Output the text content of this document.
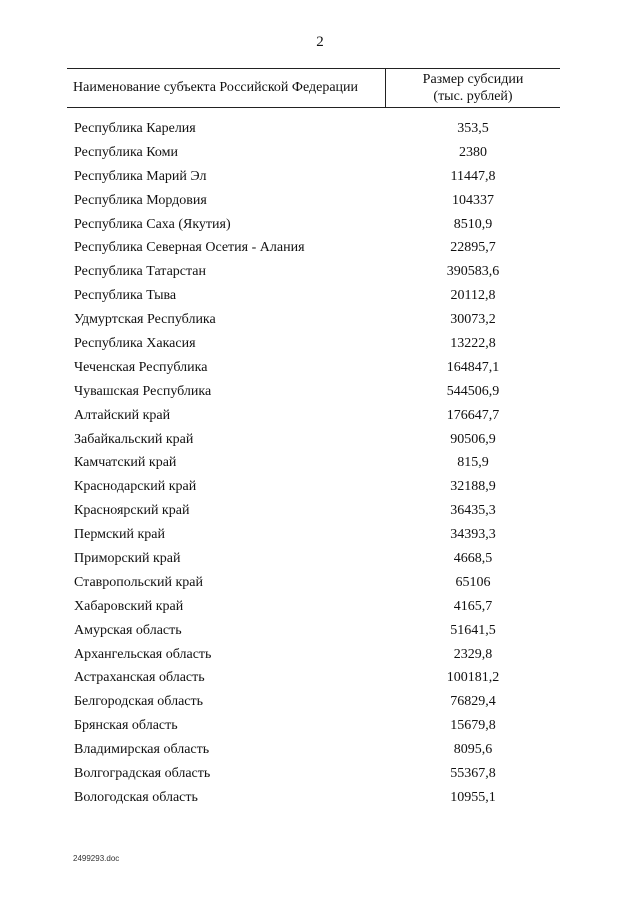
2
Наименование субъекта Российской Федерации
Размер субсидии
(тыс. рублей)
Республика Карелия	353,5
Республика Коми	2380
Республика Марий Эл	11447,8
Республика Мордовия	104337
Республика Саха (Якутия)	8510,9
Республика Северная Осетия - Алания	22895,7
Республика Татарстан	390583,6
Республика Тыва	20112,8
Удмуртская Республика	30073,2
Республика Хакасия	13222,8
Чеченская Республика	164847,1
Чувашская Республика	544506,9
Алтайский край	176647,7
Забайкальский край	90506,9
Камчатский край	815,9
Краснодарский край	32188,9
Красноярский край	36435,3
Пермский край	34393,3
Приморский край	4668,5
Ставропольский край	65106
Хабаровский край	4165,7
Амурская область	51641,5
Архангельская область	2329,8
Астраханская область	100181,2
Белгородская область	76829,4
Брянская область	15679,8
Владимирская область	8095,6
Волгоградская область	55367,8
Вологодская область	10955,1
2499293.doc
